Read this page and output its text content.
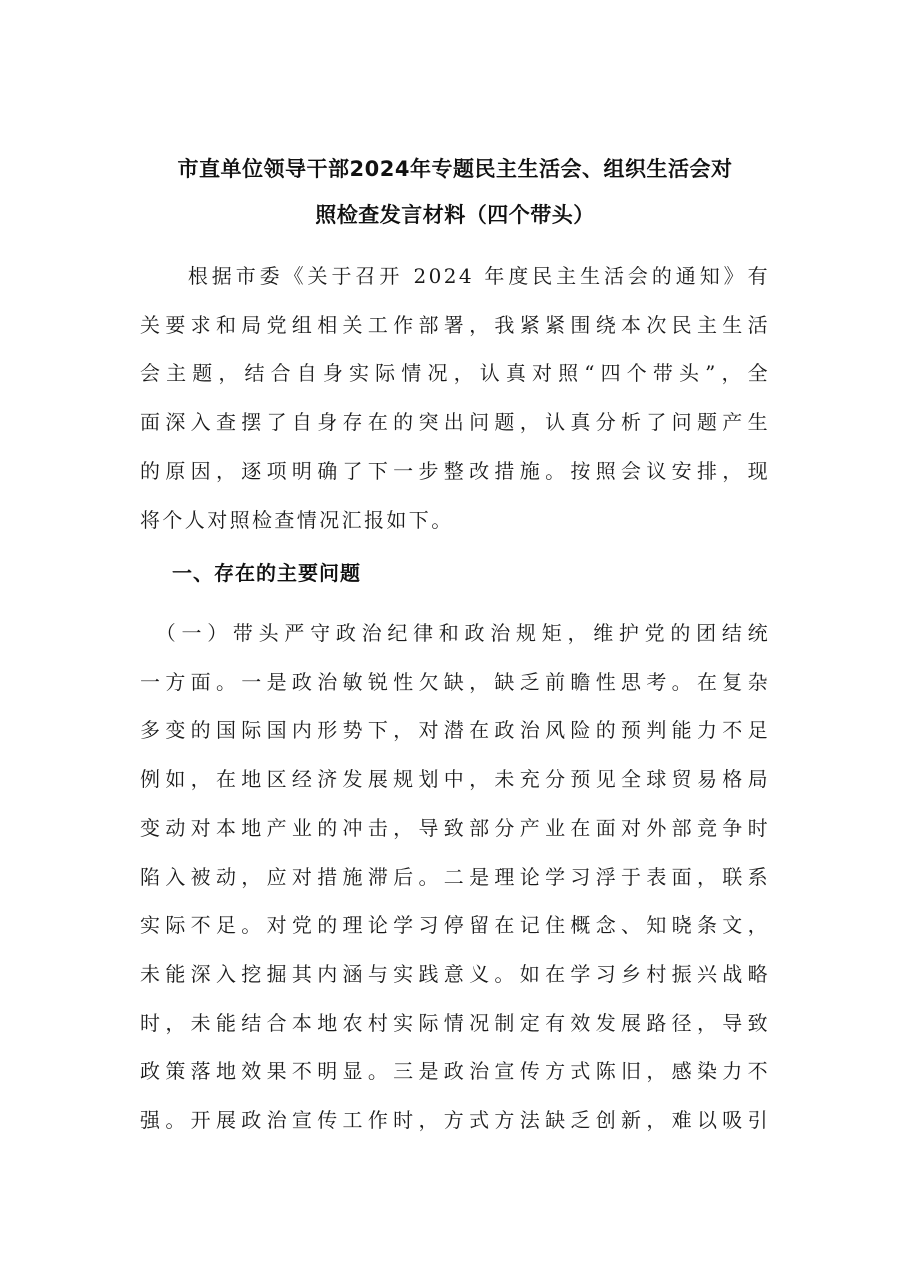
市直单位领导干部2024年专题民主生活会、组织生活会对
照检查发言材料（四个带头）

　　根据市委《关于召开 2024 年度民主生活会的通知》有
关要求和局党组相关工作部署，我紧紧围绕本次民主生活
会主题，结合自身实际情况，认真对照“四个带头”，全
面深入查摆了自身存在的突出问题，认真分析了问题产生
的原因，逐项明确了下一步整改措施。按照会议安排，现
将个人对照检查情况汇报如下。

一、存在的主要问题

　（一）带头严守政治纪律和政治规矩，维护党的团结统
一方面。一是政治敏锐性欠缺，缺乏前瞻性思考。在复杂
多变的国际国内形势下，对潜在政治风险的预判能力不足
例如，在地区经济发展规划中，未充分预见全球贸易格局
变动对本地产业的冲击，导致部分产业在面对外部竞争时
陷入被动，应对措施滞后。二是理论学习浮于表面，联系
实际不足。对党的理论学习停留在记住概念、知晓条文，
未能深入挖掘其内涵与实践意义。如在学习乡村振兴战略
时，未能结合本地农村实际情况制定有效发展路径，导致
政策落地效果不明显。三是政治宣传方式陈旧，感染力不
强。开展政治宣传工作时，方式方法缺乏创新，难以吸引
